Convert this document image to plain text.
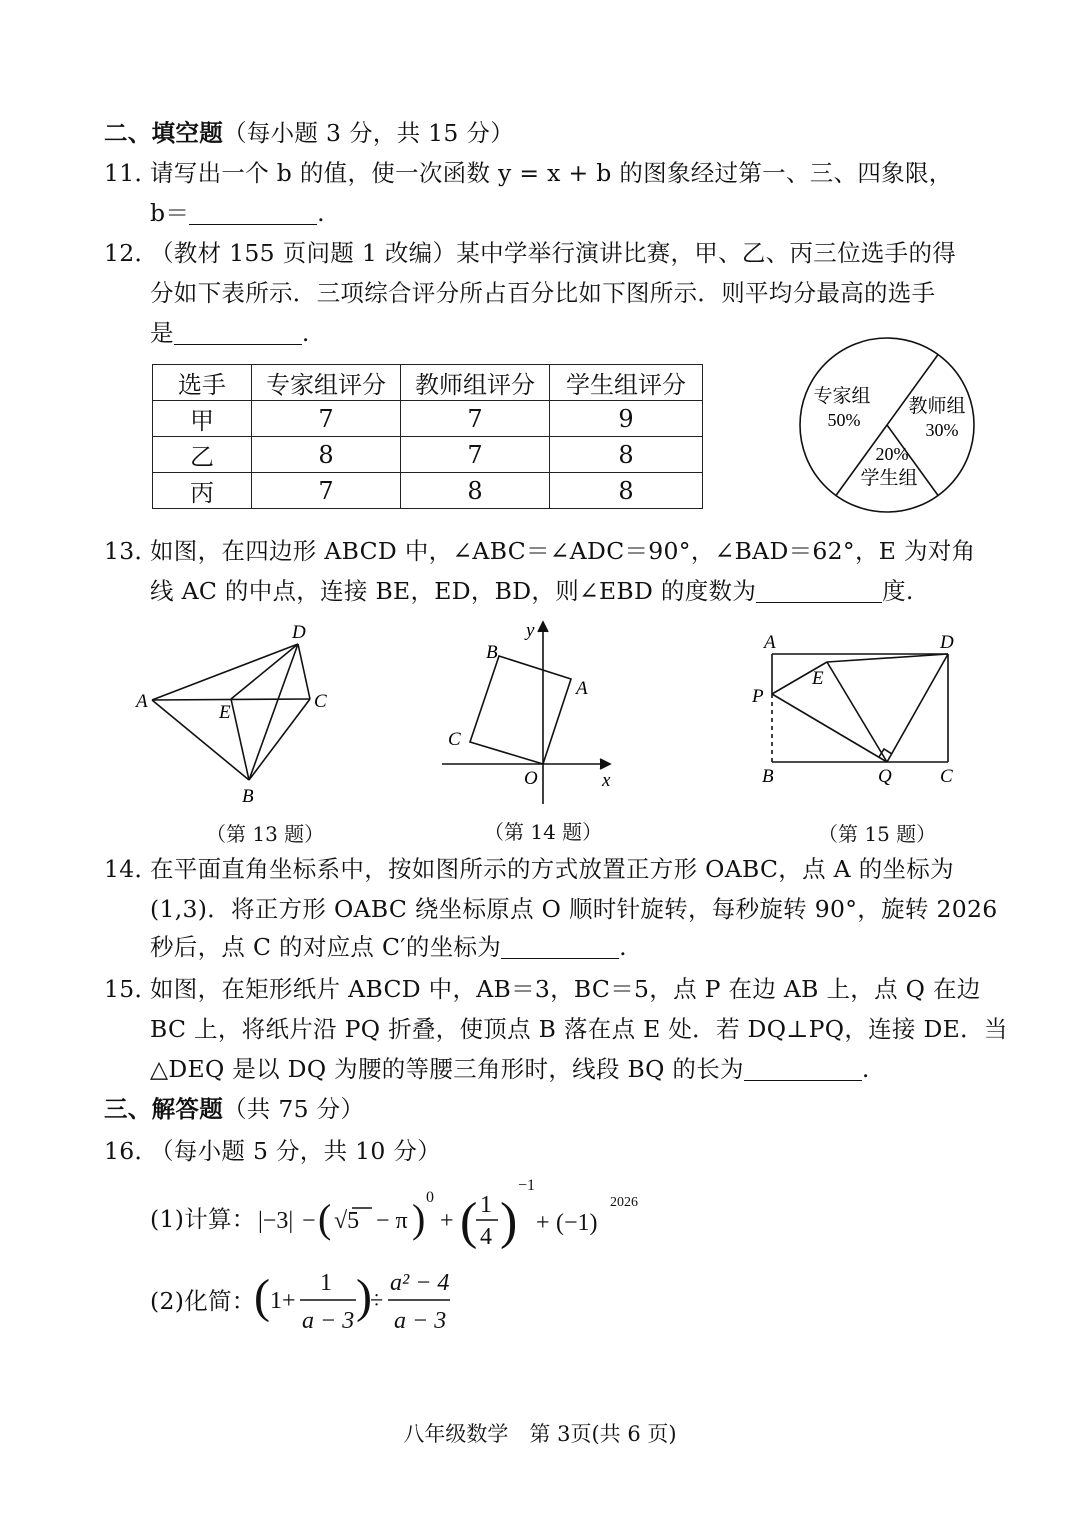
二、填空题（每小题 3 分，共 15 分）
11．
请写出一个 b 的值，使一次函数 y = x + b 的图象经过第一、三、四象限，
b＝	.
12．
（教材 155 页问题 1 改编）某中学举行演讲比赛，甲、乙、丙三位选手的得
分如下表所示．三项综合评分所占百分比如下图所示．则平均分最高的选手
是	.
选手	专家组评分	教师组评分	学生组评分
甲	7	7	9
乙	8	7	8
丙	7	8	8
专家组
50%
教师组
30%
20%
学生组
13．
如图，在四边形 ABCD 中，∠ABC＝∠ADC＝90°，∠BAD＝62°，E 为对角
线 AC 的中点，连接 BE，ED，BD，则∠EBD 的度数为	度.
D
A
E
C
B
（第 13 题）
y
B
A
C
O	x
（第 14 题）
A	D
E
P
B	Q	C
（第 15 题）
14．
在平面直角坐标系中，按如图所示的方式放置正方形 OABC，点 A 的坐标为
(1,3)．将正方形 OABC 绕坐标原点 O 顺时针旋转，每秒旋转 90°，旋转 2026
秒后，点 C 的对应点 C′的坐标为	.
15．
如图，在矩形纸片 ABCD 中，AB＝3，BC＝5，点 P 在边 AB 上，点 Q 在边
BC 上，将纸片沿 PQ 折叠，使顶点 B 落在点 E 处．若 DQ⊥PQ，连接 DE．当
△DEQ 是以 DQ 为腰的等腰三角形时，线段 BQ 的长为	.
三、解答题（共 75 分）
16．
（每小题 5 分，共 10 分）
(1)计算： |−3| − ( √5 − π ) 0
+ ( 1
4 )
−1
+ (−1)
2026
(2)化简：
( 1+
1
a − 3 )
÷
a² − 4
a − 3
八年级数学　第 3页(共 6 页)
